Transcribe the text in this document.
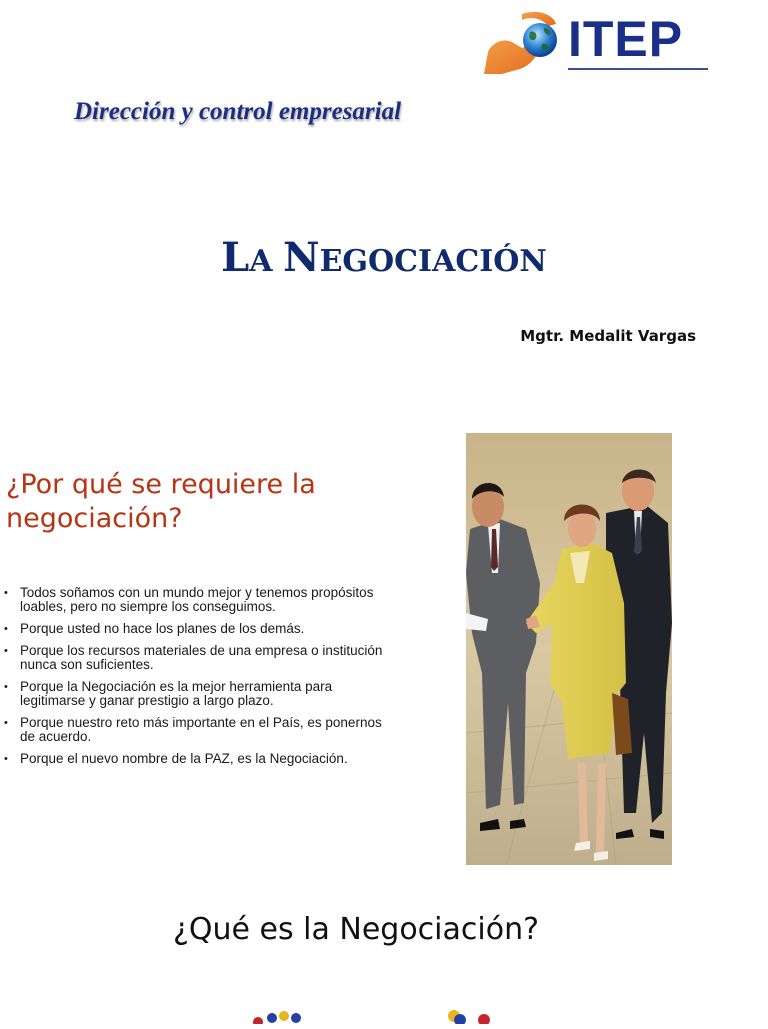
ITEP
Dirección y control empresarial
LA NEGOCIACIÓN
Mgtr. Medalit Vargas
¿Por qué se requiere la negociación?
• Todos soñamos con un mundo mejor y tenemos propósitos loables, pero no siempre los conseguimos.
• Porque usted no hace los planes de los demás.
• Porque los recursos materiales de una empresa o institución nunca son suficientes.
• Porque la Negociación es la mejor herramienta para legitimarse y ganar prestigio a largo plazo.
• Porque nuestro reto más importante en el País, es ponernos de acuerdo.
• Porque el nuevo nombre de la PAZ, es la Negociación.
¿Qué es la Negociación?
